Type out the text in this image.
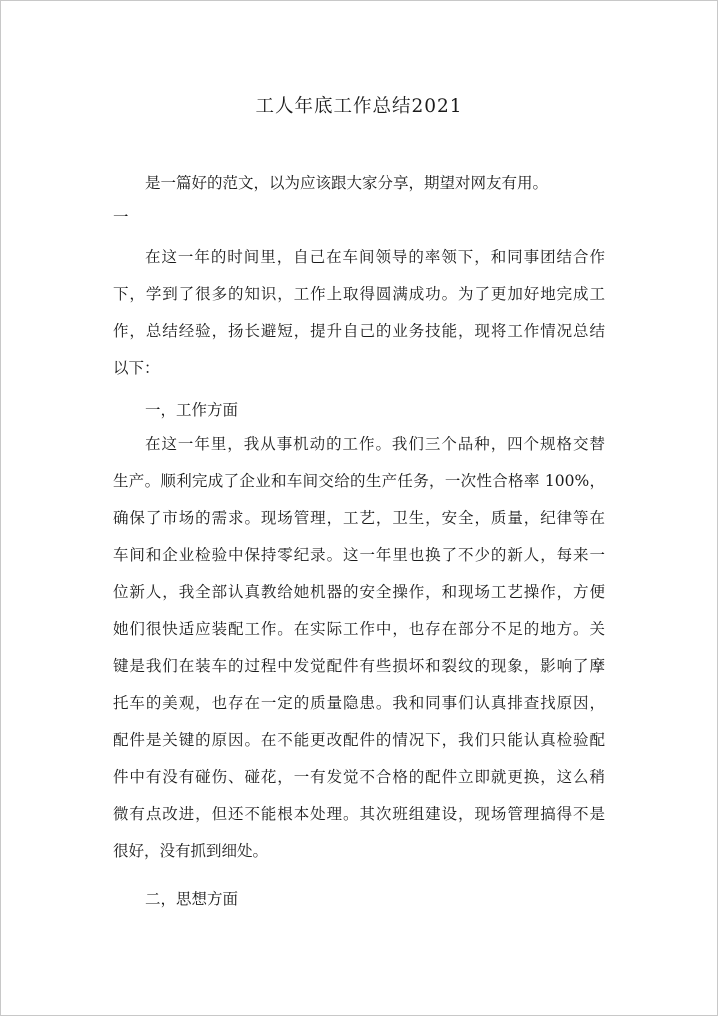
工人年底工作总结2021
是一篇好的范文，以为应该跟大家分享，期望对网友有用。
一
在这一年的时间里，自己在车间领导的率领下，和同事团结合作
下，学到了很多的知识，工作上取得圆满成功。为了更加好地完成工
作，总结经验，扬长避短，提升自己的业务技能，现将工作情况总结
以下：
一，工作方面
在这一年里，我从事机动的工作。我们三个品种，四个规格交替
生产。顺利完成了企业和车间交给的生产任务，一次性合格率 100%，
确保了市场的需求。现场管理，工艺，卫生，安全，质量，纪律等在
车间和企业检验中保持零纪录。这一年里也换了不少的新人，每来一
位新人，我全部认真教给她机器的安全操作，和现场工艺操作，方便
她们很快适应装配工作。在实际工作中，也存在部分不足的地方。关
键是我们在装车的过程中发觉配件有些损坏和裂纹的现象，影响了摩
托车的美观，也存在一定的质量隐患。我和同事们认真排查找原因，
配件是关键的原因。在不能更改配件的情况下，我们只能认真检验配
件中有没有碰伤、碰花，一有发觉不合格的配件立即就更换，这么稍
微有点改进，但还不能根本处理。其次班组建设，现场管理搞得不是
很好，没有抓到细处。
二，思想方面
